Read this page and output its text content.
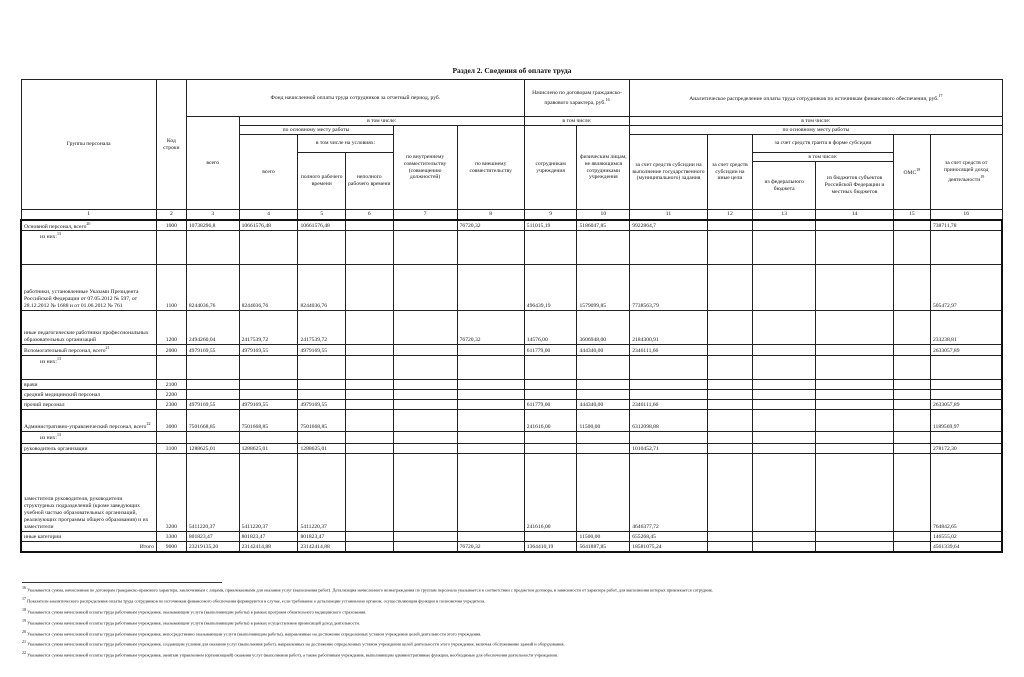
Раздел 2. Сведения об оплате труда
Группы персонала	Код строки	Фонд начисленной оплаты труда сотрудников за отчетный период, руб.						Начислено по договорам гражданско-правового характера, руб.$^{16}$		Аналитическое распределение оплаты труда сотрудников по источникам финансового обеспечения, руб.$^{17}$
		всего	в том числе:					в том числе:		в том числе:					
			по основному месту работы			по внутреннему совместительству (совмещению должностей)	по внешнему совместительству	сотрудникам учреждения	физическим лицам, не являющимся сотрудниками учреждения	по основному месту работы					
			всего	в том числе на условиях:						за счет средств субсидии на выполнение государственного (муниципального) задания	за счет средств субсидии на иные цели	за счет средств гранта в форме субсидии		ОМС$^{18}$	за счет средств от приносящей доход деятельности$^{19}$
				полного рабочего времени	неполного рабочего времени							в том числе:			
												из федерального бюджета	из бюджетов субъектов Российской Федерации и местных бюджетов		

1	2	3	4	5	6	7	8	9	10	11	12	13	14	15	16
Основной персонал, всего$^{20}$	1000	10738296,8	10661576,48	10661576,48			76720,32	511015,19	5186047,85	9922864,7					738711,78
из них:$^{13}$															
работники, установленные Указами Президента Российской Федерации от 07.05.2012 № 597, от 28.12.2012 № 1688 и от 01.06.2012 № 761	1100	8244036,76	8244036,76	8244036,76				496439,19	1579099,85	7738563,79					505472,97
иные педагогические работники профессиональных образовательных организаций	1200	2494260,04	2417539,72	2417539,72			76720,32	14576,00	3606948,00	2184300,91					233238,81
Вспомогательный персонал, всего$^{21}$	2000	4979169,55	4979169,55	4979169,55				611779,00	444340,00	2346111,66					2633057,89
из них:$^{13}$															
врачи	2100														
средний медицинский персонал	2200														
прочий персонал	2300	4979169,55	4979169,55	4979169,55				611779,00	444340,00	2346111,66					2633057,89
Административно-управленческий персонал, всего$^{22}$	3000	7501668,85	7501668,85	7501668,85				241616,00	11500,00	6312098,88					1189569,97
из них:$^{13}$															
руководитель организации	3100	1288625,01	1288625,01	1288625,01						1010452,71					278172,30
заместители руководителя, руководители структурных подразделений (кроме заведующих учебной частью образовательных организаций, реализующих программы общего образования) и их заместители	3200	5411220,37	5411220,37	5411220,37				241616,00		4646377,72					764842,65
иные категории	3300	801823,47	801823,47	801823,47					11500,00	655268,45					146555,02
Итого	9000	23219135,20	23142414,88	23142414,88			76720,32	1364410,19	5641887,85	18581075,24					4561339,64

$^{16}$ Указывается сумма, начисленная по договорам гражданско-правового характера, заключенным с лицами, привлекаемыми для оказания услуг (выполнения работ). Детализация начисленного вознаграждения по группам персонала указывается в соответствии с предметом договора, в зависимости от характера работ, для выполнения которых привлекается сотрудник.

$^{17}$ Показатели аналитического распределения оплаты труда сотрудников по источникам финансового обеспечения формируются в случае, если требование о детализации установлено органом, осуществляющим функции и полномочия учредителя.

$^{18}$ Указывается сумма начисленной оплаты труда работникам учреждения, оказывающим услуги (выполняющим работы) в рамках программ обязательного медицинского страхования.

$^{19}$ Указывается сумма начисленной оплаты труда работникам учреждения, оказывающим услуги (выполняющим работы) в рамках осуществления приносящей доход деятельности.

$^{20}$ Указывается сумма начисленной оплаты труда работникам учреждения, непосредственно оказывающим услуги (выполняющим работы), направленные на достижение определенных уставом учреждения целей деятельности этого учреждения.

$^{21}$ Указывается сумма начисленной оплаты труда работникам учреждения, создающим условия для оказания услуг (выполнения работ), направленных на достижение определенных уставом учреждения целей деятельности этого учреждения, включая обслуживание зданий и оборудования.

$^{22}$ Указывается сумма начисленной оплаты труда работникам учреждения, занятым управлением (организацией) оказания услуг (выполнения работ), а также работникам учреждения, выполняющим административные функции, необходимые для обеспечения деятельности учреждения.
